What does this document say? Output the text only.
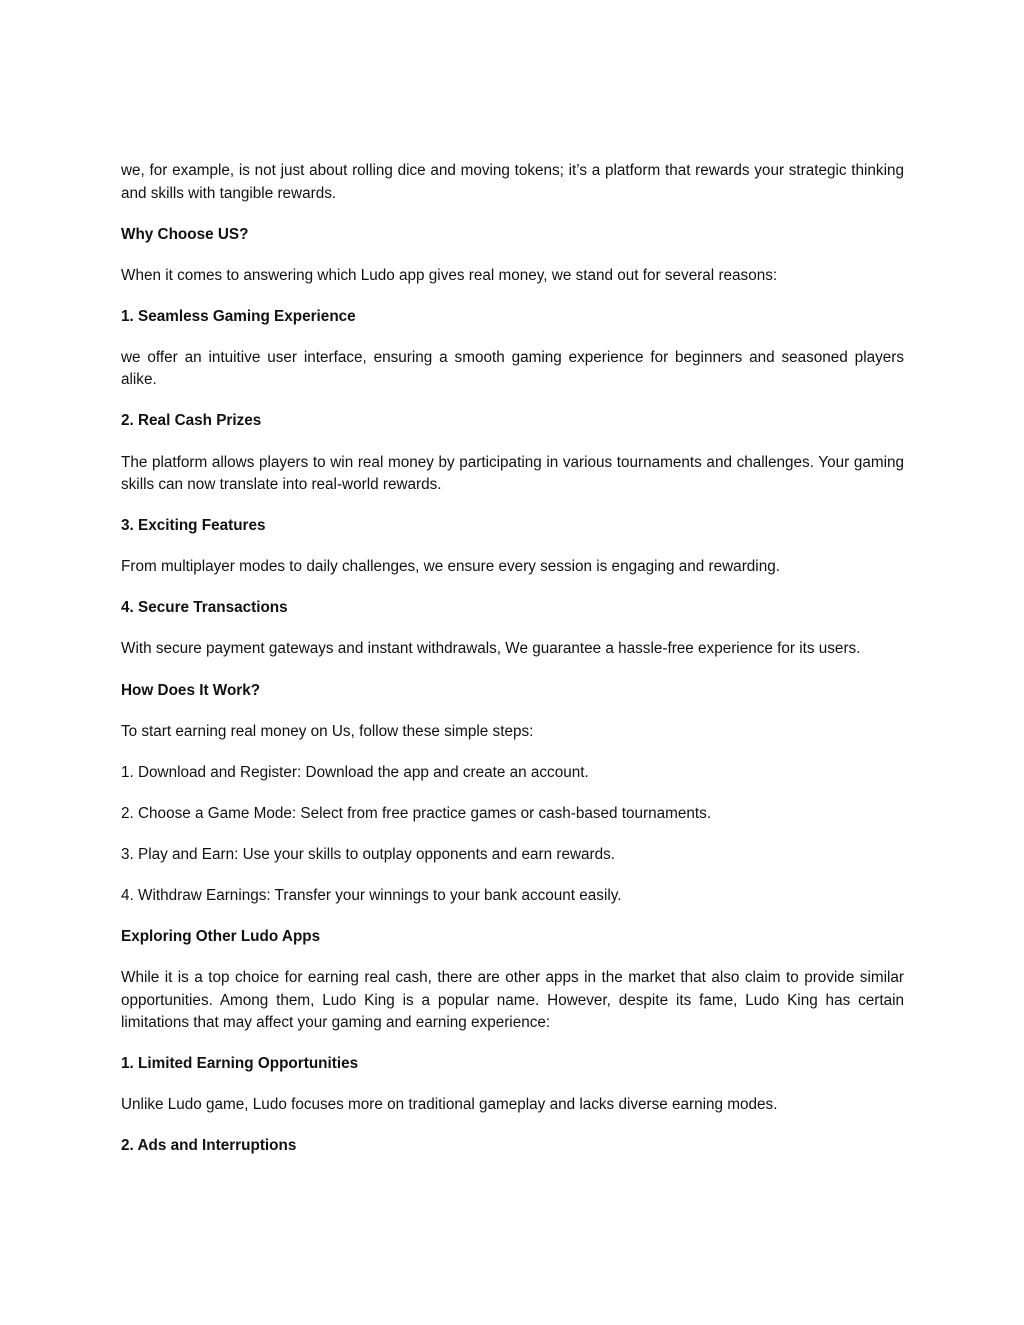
we, for example, is not just about rolling dice and moving tokens; it’s a platform that rewards your strategic thinking and skills with tangible rewards.
Why Choose US?
When it comes to answering which Ludo app gives real money, we stand out for several reasons:
1. Seamless Gaming Experience
we offer an intuitive user interface, ensuring a smooth gaming experience for beginners and seasoned players alike.
2. Real Cash Prizes
The platform allows players to win real money by participating in various tournaments and challenges. Your gaming skills can now translate into real-world rewards.
3. Exciting Features
From multiplayer modes to daily challenges, we ensure every session is engaging and rewarding.
4. Secure Transactions
With secure payment gateways and instant withdrawals, We guarantee a hassle-free experience for its users.
How Does It Work?
To start earning real money on Us, follow these simple steps:
1. Download and Register: Download the app and create an account.
2. Choose a Game Mode: Select from free practice games or cash-based tournaments.
3. Play and Earn: Use your skills to outplay opponents and earn rewards.
4. Withdraw Earnings: Transfer your winnings to your bank account easily.
Exploring Other Ludo Apps
While it is a top choice for earning real cash, there are other apps in the market that also claim to provide similar opportunities. Among them, Ludo King is a popular name. However, despite its fame, Ludo King has certain limitations that may affect your gaming and earning experience:
1. Limited Earning Opportunities
Unlike Ludo game, Ludo focuses more on traditional gameplay and lacks diverse earning modes.
2. Ads and Interruptions
